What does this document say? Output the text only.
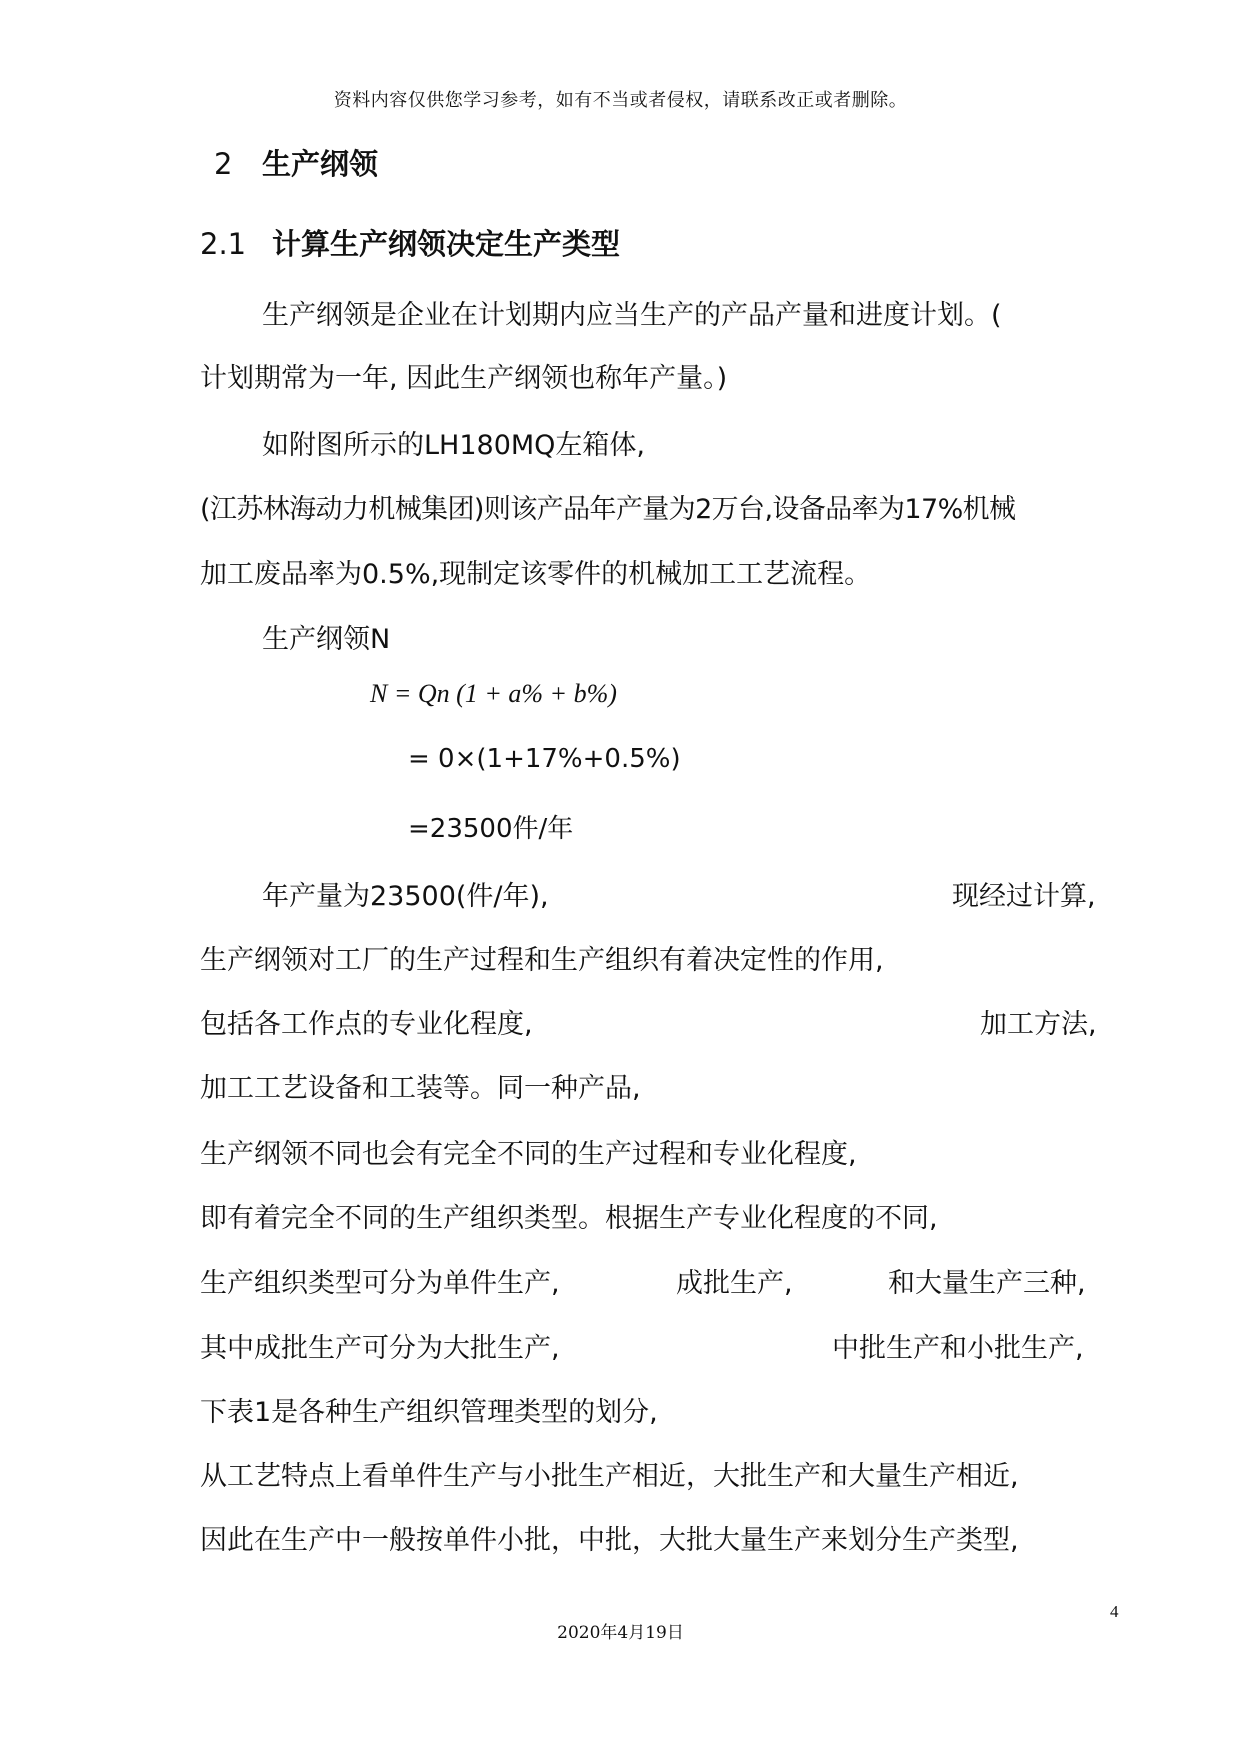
资料内容仅供您学习参考，如有不当或者侵权，请联系改正或者删除。
2 生产纲领
2.1 计算生产纲领决定生产类型
生产纲领是企业在计划期内应当生产的产品产量和进度计划。(
计划期常为一年, 因此生产纲领也称年产量。)
如附图所示的LH180MQ左箱体,
(江苏林海动力机械集团)则该产品年产量为2万台,设备品率为17%机械
加工废品率为0.5%,现制定该零件的机械加工工艺流程。
生产纲领N
N = Qn (1 + a% + b%)
= 0×(1+17%+0.5%)
=23500件/年
年产量为23500(件/年),	现经过计算,
生产纲领对工厂的生产过程和生产组织有着决定性的作用,
包括各工作点的专业化程度,	加工方法,
加工工艺设备和工装等。同一种产品,
生产纲领不同也会有完全不同的生产过程和专业化程度,
即有着完全不同的生产组织类型。根据生产专业化程度的不同,
生产组织类型可分为单件生产,	成批生产,	和大量生产三种,
其中成批生产可分为大批生产,	中批生产和小批生产,
下表1是各种生产组织管理类型的划分,
从工艺特点上看单件生产与小批生产相近，大批生产和大量生产相近,
因此在生产中一般按单件小批，中批，大批大量生产来划分生产类型,
4
2020年4月19日
